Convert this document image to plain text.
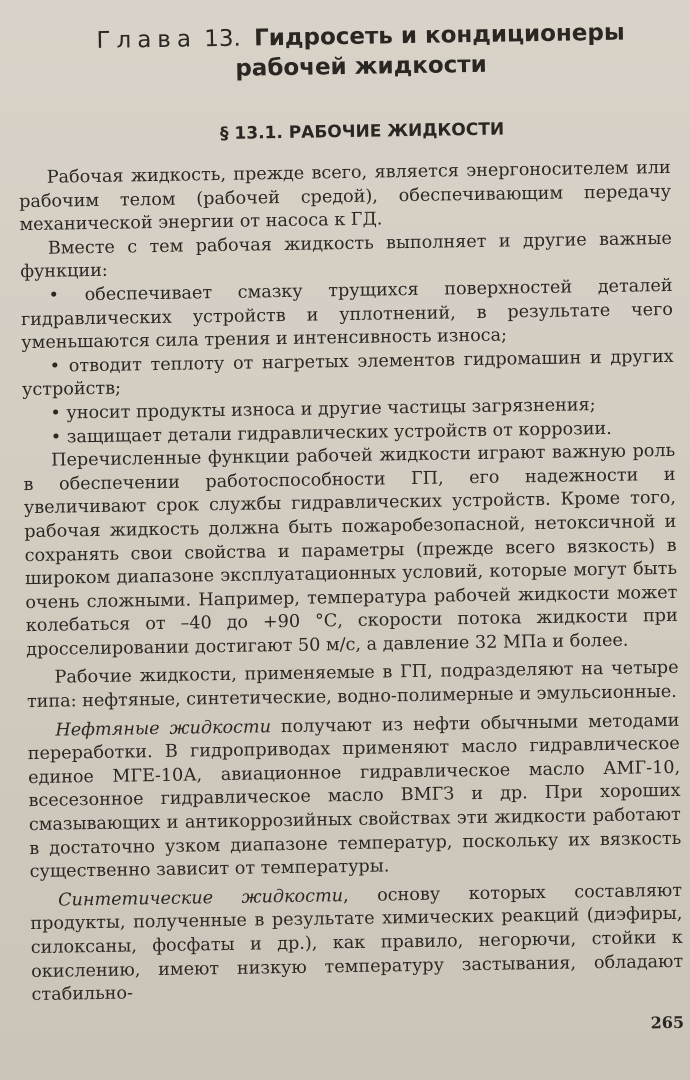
Глава 13. Гидросеть и кондиционеры
рабочей жидкости
§ 13.1. РАБОЧИЕ ЖИДКОСТИ

Рабочая жидкость, прежде всего, является энергоносителем или рабочим телом (рабочей средой), обеспечивающим передачу механической энергии от насоса к ГД.

Вместе с тем рабочая жидкость выполняет и другие важные функции:

• обеспечивает смазку трущихся поверхностей деталей гидравлических устройств и уплотнений, в результате чего уменьшаются сила трения и интенсивность износа;

• отводит теплоту от нагретых элементов гидромашин и других устройств;

• уносит продукты износа и другие частицы загрязнения;

• защищает детали гидравлических устройств от коррозии.

Перечисленные функции рабочей жидкости играют важную роль в обеспечении работоспособности ГП, его надежности и увеличивают срок службы гидравлических устройств. Кроме того, рабочая жидкость должна быть пожаробезопасной, нетоксичной и сохранять свои свойства и параметры (прежде всего вязкость) в широком диапазоне эксплуатационных условий, которые могут быть очень сложными. Например, температура рабочей жидкости может колебаться от –40 до +90 °С, скорости потока жидкости при дросселировании достигают 50 м/с, а давление 32 МПа и более.

Рабочие жидкости, применяемые в ГП, подразделяют на четыре типа: нефтяные, синтетические, водно-полимерные и эмульсионные.

Нефтяные жидкости получают из нефти обычными методами переработки. В гидроприводах применяют масло гидравлическое единое МГЕ-10А, авиационное гидравлическое масло АМГ-10, всесезонное гидравлическое масло ВМГЗ и др. При хороших смазывающих и антикоррозийных свойствах эти жидкости работают в достаточно узком диапазоне температур, поскольку их вязкость существенно зависит от температуры.

Синтетические жидкости, основу которых составляют продукты, полученные в результате химических реакций (диэфиры, силоксаны, фосфаты и др.), как правило, негорючи, стойки к окислению, имеют низкую температуру застывания, обладают стабильно-

265
